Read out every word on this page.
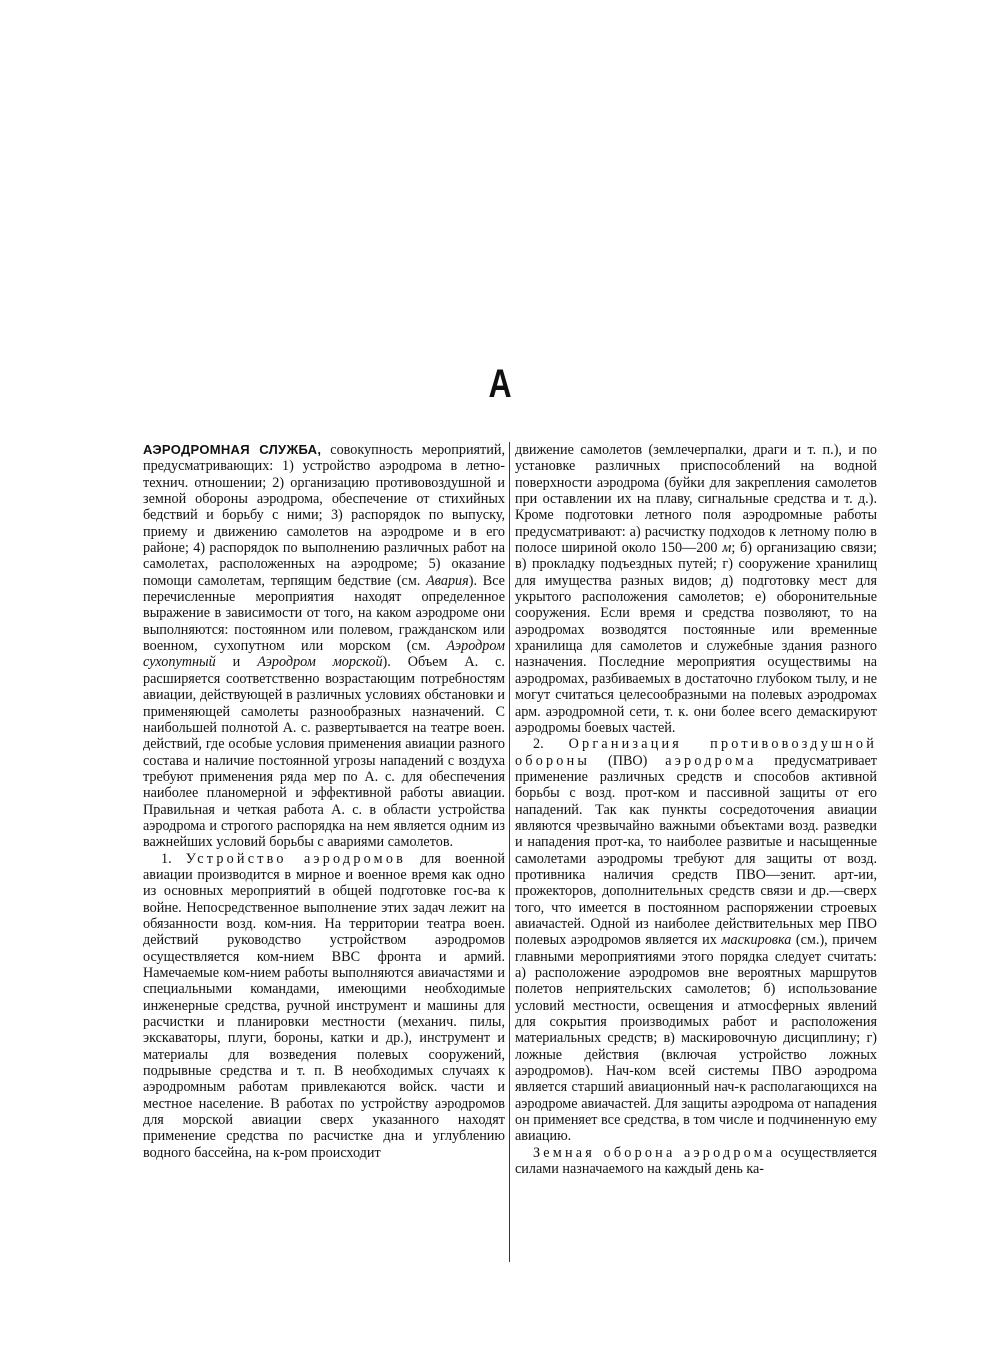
А

АЭРОДРОМНАЯ СЛУЖБА, совокупность мероприятий, предусматривающих: 1) устройство аэродрома в летно-технич. отношении; 2) организацию противовоздушной и земной обороны аэродрома, обеспечение от стихийных бедствий и борьбу с ними; 3) распорядок по выпуску, приему и движению самолетов на аэродроме и в его районе; 4) распорядок по выполнению различных работ на самолетах, расположенных на аэродроме; 5) оказание помощи самолетам, терпящим бедствие (см. Авария). Все перечисленные мероприятия находят определенное выражение в зависимости от того, на каком аэродроме они выполняются: постоянном или полевом, гражданском или военном, сухопутном или морском (см. Аэродром сухопутный и Аэродром морской). Объем А. с. расширяется соответственно возрастающим потребностям авиации, действующей в различных условиях обстановки и применяющей самолеты разнообразных назначений. С наибольшей полнотой А. с. развертывается на театре воен. действий, где особые условия применения авиации разного состава и наличие постоянной угрозы нападений с воздуха требуют применения ряда мер по А. с. для обеспечения наиболее планомерной и эффективной работы авиации. Правильная и четкая работа А. с. в области устройства аэродрома и строгого распорядка на нем является одним из важнейших условий борьбы с авариями самолетов.

1. Устройство аэродромов для военной авиации производится в мирное и военное время как одно из основных мероприятий в общей подготовке гос-ва к войне. Непосредственное выполнение этих задач лежит на обязанности возд. ком-ния. На территории театра воен. действий руководство устройством аэродромов осуществляется ком-нием ВВС фронта и армий. Намечаемые ком-нием работы выполняются авиачастями и специальными командами, имеющими необходимые инженерные средства, ручной инструмент и машины для расчистки и планировки местности (механич. пилы, экскаваторы, плуги, бороны, катки и др.), инструмент и материалы для возведения полевых сооружений, подрывные средства и т. п. В необходимых случаях к аэродромным работам привлекаются войск. части и местное население. В работах по устройству аэродромов для морской авиации сверх указанного находят применение средства по расчистке дна и углублению водного бассейна, на к-ром происходит

движение самолетов (землечерпалки, драги и т. п.), и по установке различных приспособлений на водной поверхности аэродрома (буйки для закрепления самолетов при оставлении их на плаву, сигнальные средства и т. д.). Кроме подготовки летного поля аэродромные работы предусматривают: а) расчистку подходов к летному полю в полосе шириной около 150—200 м; б) организацию связи; в) прокладку подъездных путей; г) сооружение хранилищ для имущества разных видов; д) подготовку мест для укрытого расположения самолетов; е) оборонительные сооружения. Если время и средства позволяют, то на аэродромах возводятся постоянные или временные хранилища для самолетов и служебные здания разного назначения. Последние мероприятия осуществимы на аэродромах, разбиваемых в достаточно глубоком тылу, и не могут считаться целесообразными на полевых аэродромах арм. аэродромной сети, т. к. они более всего демаскируют аэродромы боевых частей.

2. Организация противовоздушной обороны (ПВО) аэродрома предусматривает применение различных средств и способов активной борьбы с возд. прот-ком и пассивной защиты от его нападений. Так как пункты сосредоточения авиации являются чрезвычайно важными объектами возд. разведки и нападения прот-ка, то наиболее развитые и насыщенные самолетами аэродромы требуют для защиты от возд. противника наличия средств ПВО—зенит. арт-ии, прожекторов, дополнительных средств связи и др.—сверх того, что имеется в постоянном распоряжении строевых авиачастей. Одной из наиболее действительных мер ПВО полевых аэродромов является их маскировка (см.), причем главными мероприятиями этого порядка следует считать: а) расположение аэродромов вне вероятных маршрутов полетов неприятельских самолетов; б) использование условий местности, освещения и атмосферных явлений для сокрытия производимых работ и расположения материальных средств; в) маскировочную дисциплину; г) ложные действия (включая устройство ложных аэродромов). Нач-ком всей системы ПВО аэродрома является старший авиационный нач-к располагающихся на аэродроме авиачастей. Для защиты аэродрома от нападения он применяет все средства, в том числе и подчиненную ему авиацию.

Земная оборона аэродрома осуществляется силами назначаемого на каждый день ка-
